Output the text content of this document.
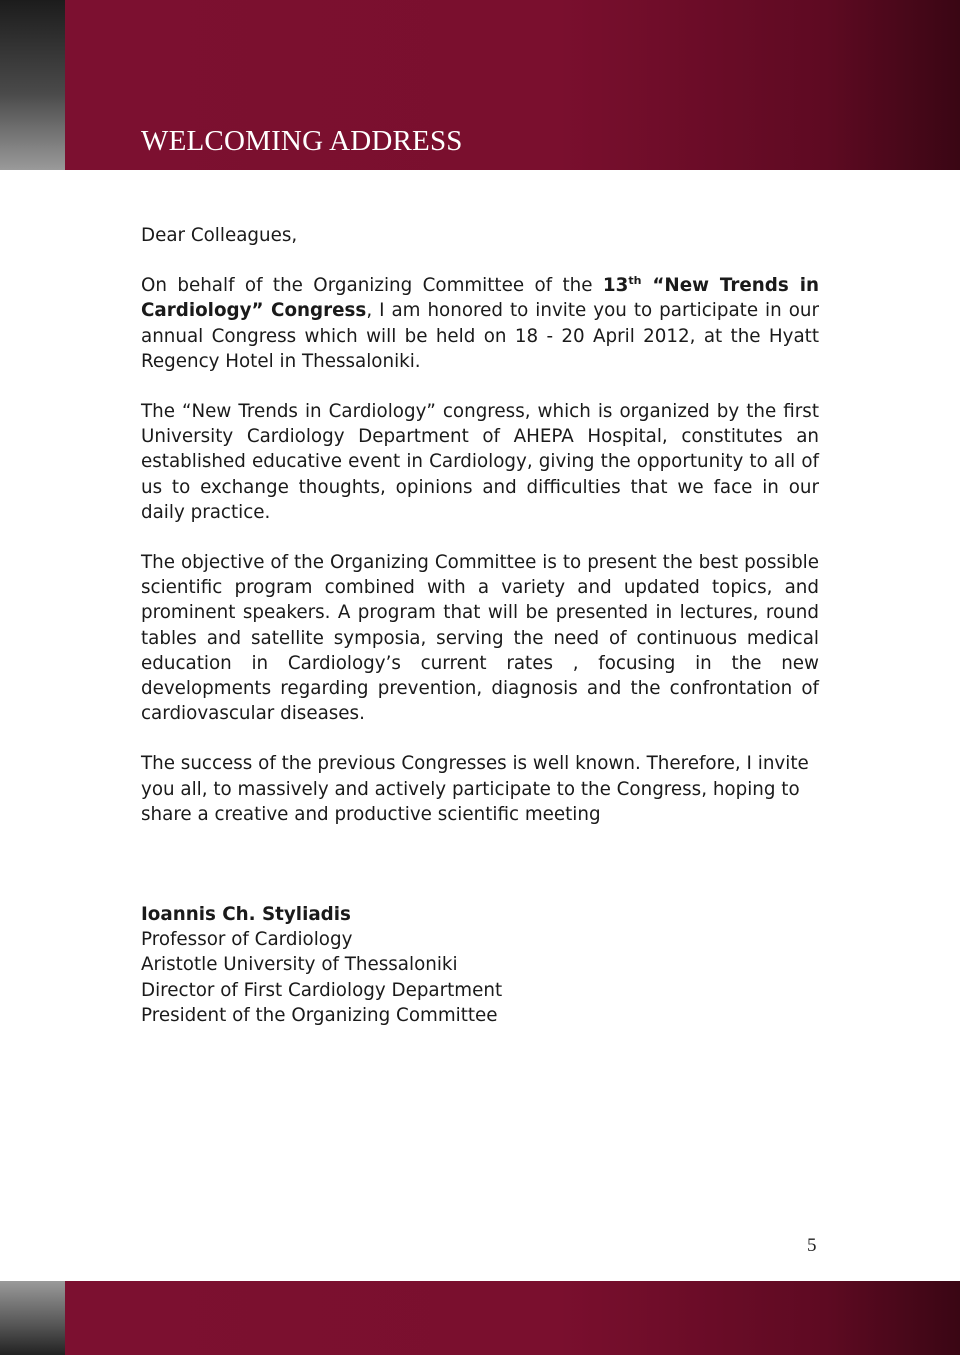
WELCOMING ADDRESS

Dear Colleagues,

On behalf of the Organizing Committee of the 13th “New Trends in Cardiology” Congress, I am honored to invite you to participate in our annual Congress which will be held on 18 - 20 April 2012, at the Hyatt Regency Hotel in Thessaloniki.

The “New Trends in Cardiology” congress, which is organized by the first University Cardiology Department of AHEPA Hospital, constitutes an established educative event in Cardiology, giving the opportunity to all of us to exchange thoughts, opinions and difficulties that we face in our daily practice.

The objective of the Organizing Committee is to present the best possible scientific program combined with a variety and updated topics, and prominent speakers. A program that will be presented in lectures, round tables and satellite symposia, serving the need of continuous medical education in Cardiology’s current rates , focusing in the new developments regarding prevention, diagnosis and the confrontation of cardiovascular diseases.

The success of the previous Congresses is well known. Therefore, I invite you all, to massively and actively participate to the Congress, hoping to share a creative and productive scientific meeting

Ioannis Ch. Styliadis
Professor of Cardiology
Aristotle University of Thessaloniki
Director of First Cardiology Department
President of the Organizing Committee
5
